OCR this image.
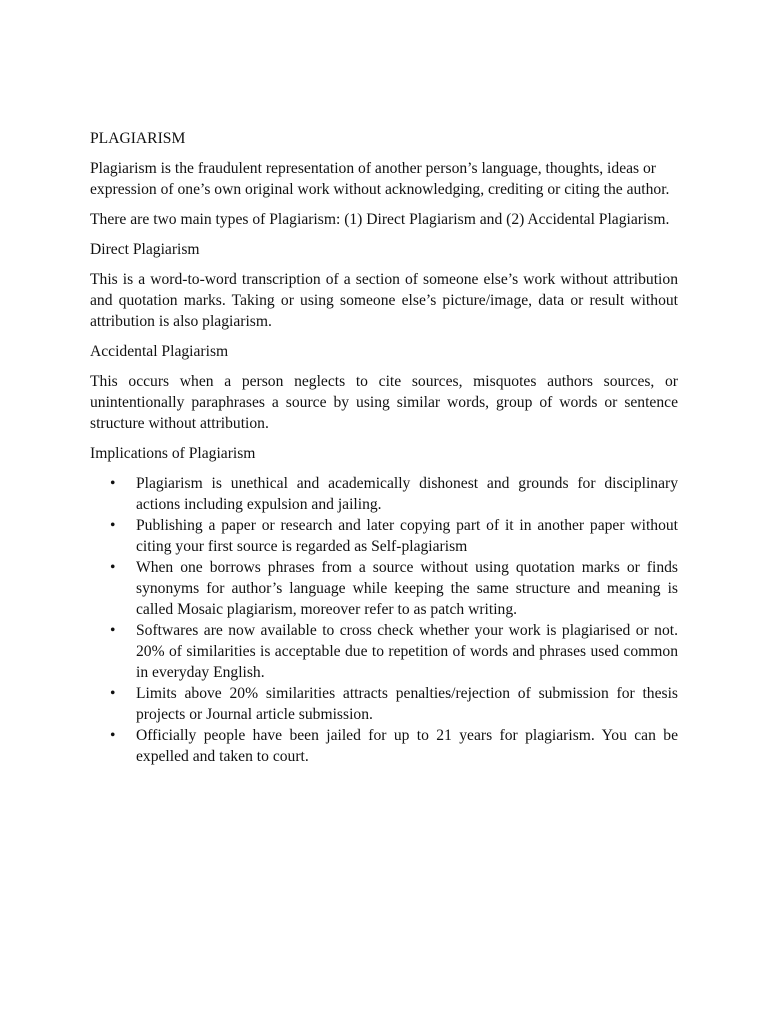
PLAGIARISM

Plagiarism is the fraudulent representation of another person’s language, thoughts, ideas or expression of one’s own original work without acknowledging, crediting or citing the author.

There are two main types of Plagiarism: (1) Direct Plagiarism and (2) Accidental Plagiarism.

Direct Plagiarism

This is a word-to-word transcription of a section of someone else’s work without attribution and quotation marks. Taking or using someone else’s picture/image, data or result without attribution is also plagiarism.

Accidental Plagiarism

This occurs when a person neglects to cite sources, misquotes authors sources, or unintentionally paraphrases a source by using similar words, group of words or sentence structure without attribution.

Implications of Plagiarism

• Plagiarism is unethical and academically dishonest and grounds for disciplinary actions including expulsion and jailing.
• Publishing a paper or research and later copying part of it in another paper without citing your first source is regarded as Self-plagiarism
• When one borrows phrases from a source without using quotation marks or finds synonyms for author’s language while keeping the same structure and meaning is called Mosaic plagiarism, moreover refer to as patch writing.
• Softwares are now available to cross check whether your work is plagiarised or not. 20% of similarities is acceptable due to repetition of words and phrases used common in everyday English.
• Limits above 20% similarities attracts penalties/rejection of submission for thesis projects or Journal article submission.
• Officially people have been jailed for up to 21 years for plagiarism. You can be expelled and taken to court.
